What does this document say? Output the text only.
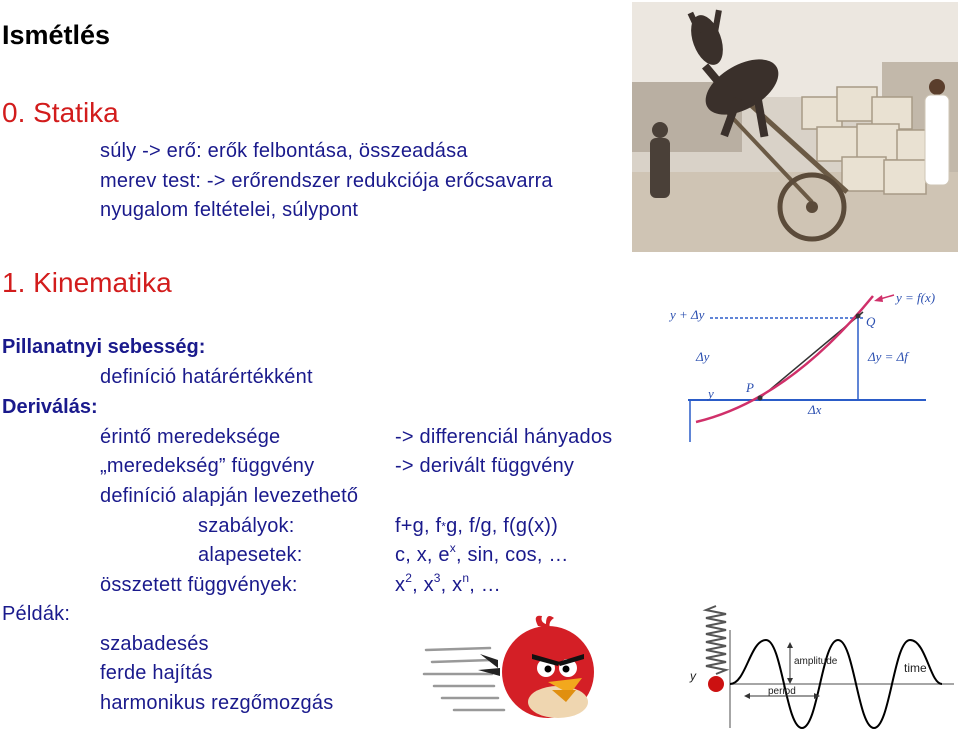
Ismétlés
0. Statika
súly -> erő: erők felbontása, összeadása
merev test: -> erőrendszer redukciója erőcsavarra
nyugalom feltételei, súlypont
1. Kinematika
Pillanatnyi sebesség:
definíció határértékként
Deriválás:
érintő meredeksége	-> differenciál hányados
„meredekség” függvény	-> derivált függvény
definíció alapján levezethető
szabályok:	f+g, f*g, f/g, f(g(x))
alapesetek:	c, x, $e^x$, sin, cos, …
összetett függvények:	$x^2$, $x^3$, $x^n$, …
Példák:
szabadesés
ferde hajítás
harmonikus rezgőmozgás
y + Δy
y = f(x)
Δy
y P
Q
Δx
Δy = Δf
amplitude	time
period
y
